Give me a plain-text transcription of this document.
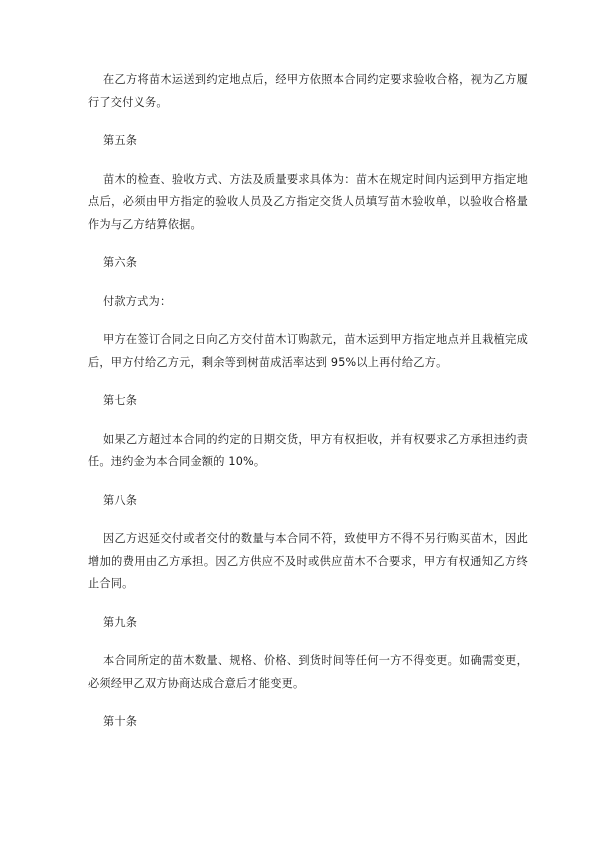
在乙方将苗木运送到约定地点后，经甲方依照本合同约定要求验收合格，视为乙方履行了交付义务。

第五条

苗木的检查、验收方式、方法及质量要求具体为：苗木在规定时间内运到甲方指定地点后，必须由甲方指定的验收人员及乙方指定交货人员填写苗木验收单，以验收合格量作为与乙方结算依据。

第六条

付款方式为：

甲方在签订合同之日向乙方交付苗木订购款元，苗木运到甲方指定地点并且栽植完成后，甲方付给乙方元，剩余等到树苗成活率达到 95%以上再付给乙方。

第七条

如果乙方超过本合同的约定的日期交货，甲方有权拒收，并有权要求乙方承担违约责任。违约金为本合同金额的 10%。

第八条

因乙方迟延交付或者交付的数量与本合同不符，致使甲方不得不另行购买苗木，因此增加的费用由乙方承担。因乙方供应不及时或供应苗木不合要求，甲方有权通知乙方终止合同。

第九条

本合同所定的苗木数量、规格、价格、到货时间等任何一方不得变更。如确需变更，必须经甲乙双方协商达成合意后才能变更。

第十条
